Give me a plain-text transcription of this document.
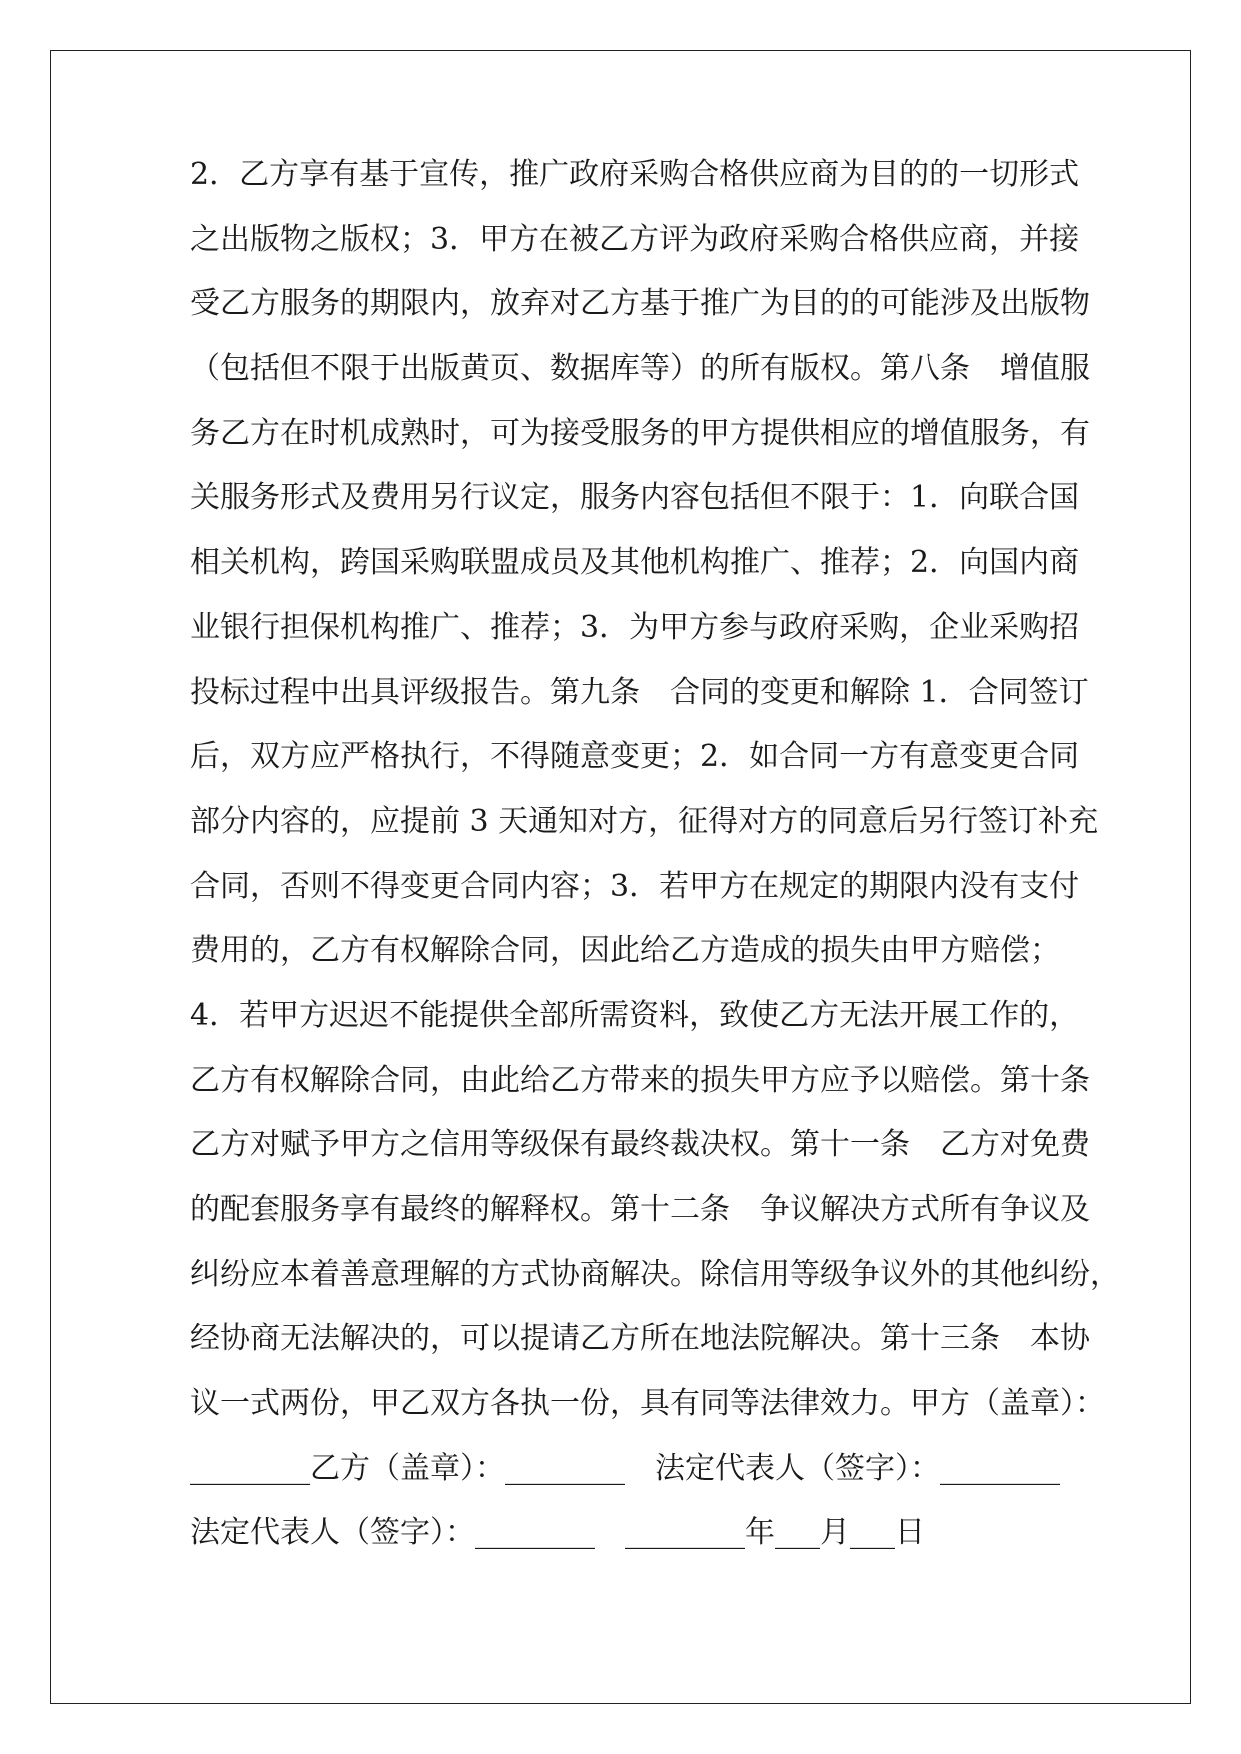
2．乙方享有基于宣传，推广政府采购合格供应商为目的的一切形式
之出版物之版权；3．甲方在被乙方评为政府采购合格供应商，并接
受乙方服务的期限内，放弃对乙方基于推广为目的的可能涉及出版物
（包括但不限于出版黄页、数据库等）的所有版权。第八条　增值服
务乙方在时机成熟时，可为接受服务的甲方提供相应的增值服务，有
关服务形式及费用另行议定，服务内容包括但不限于：1．向联合国
相关机构，跨国采购联盟成员及其他机构推广、推荐；2．向国内商
业银行担保机构推广、推荐；3．为甲方参与政府采购，企业采购招
投标过程中出具评级报告。第九条　合同的变更和解除 1．合同签订
后，双方应严格执行，不得随意变更；2．如合同一方有意变更合同
部分内容的，应提前 3 天通知对方，征得对方的同意后另行签订补充
合同，否则不得变更合同内容；3．若甲方在规定的期限内没有支付
费用的，乙方有权解除合同，因此给乙方造成的损失由甲方赔偿；
4．若甲方迟迟不能提供全部所需资料，致使乙方无法开展工作的，
乙方有权解除合同，由此给乙方带来的损失甲方应予以赔偿。第十条
乙方对赋予甲方之信用等级保有最终裁决权。第十一条　乙方对免费
的配套服务享有最终的解释权。第十二条　争议解决方式所有争议及
纠纷应本着善意理解的方式协商解决。除信用等级争议外的其他纠纷，
经协商无法解决的，可以提请乙方所在地法院解决。第十三条　本协
议一式两份，甲乙双方各执一份，具有同等法律效力。甲方（盖章）：
________乙方（盖章）：________　法定代表人（签字）：________
法定代表人（签字）：________　________年___月___日
